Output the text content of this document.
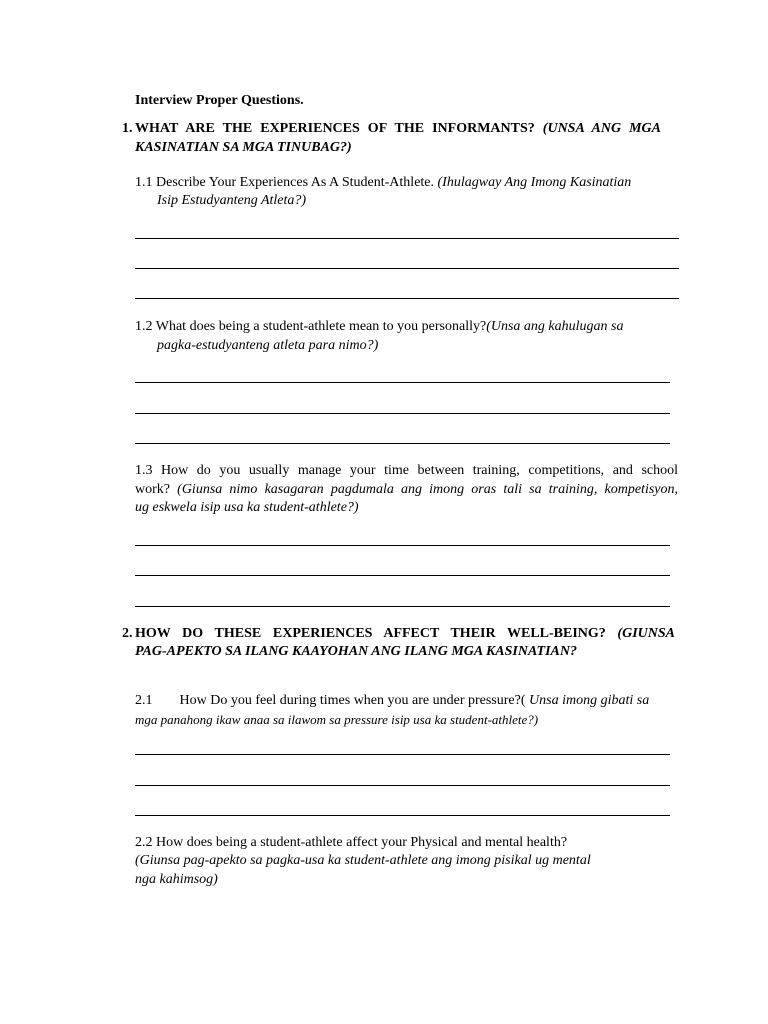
Interview Proper Questions.
1. WHAT ARE THE EXPERIENCES OF THE INFORMANTS? (UNSA ANG MGA
KASINATIAN SA MGA TINUBAG?)
1.1 Describe Your Experiences As A Student-Athlete. (Ihulagway Ang Imong Kasinatian
Isip Estudyanteng Atleta?)
1.2 What does being a student-athlete mean to you personally?(Unsa ang kahulugan sa
pagka-estudyanteng atleta para nimo?)
1.3 How do you usually manage your time between training, competitions, and school
work? (Giunsa nimo kasagaran pagdumala ang imong oras tali sa training, kompetisyon,
ug eskwela isip usa ka student-athlete?)
2. HOW DO THESE EXPERIENCES AFFECT THEIR WELL-BEING? (GIUNSA
PAG-APEKTO SA ILANG KAAYOHAN ANG ILANG MGA KASINATIAN?
2.1 How Do you feel during times when you are under pressure?( Unsa imong gibati sa
mga panahong ikaw anaa sa ilawom sa pressure isip usa ka student-athlete?)
2.2 How does being a student-athlete affect your Physical and mental health?
(Giunsa pag-apekto sa pagka-usa ka student-athlete ang imong pisikal ug mental
nga kahimsog)
